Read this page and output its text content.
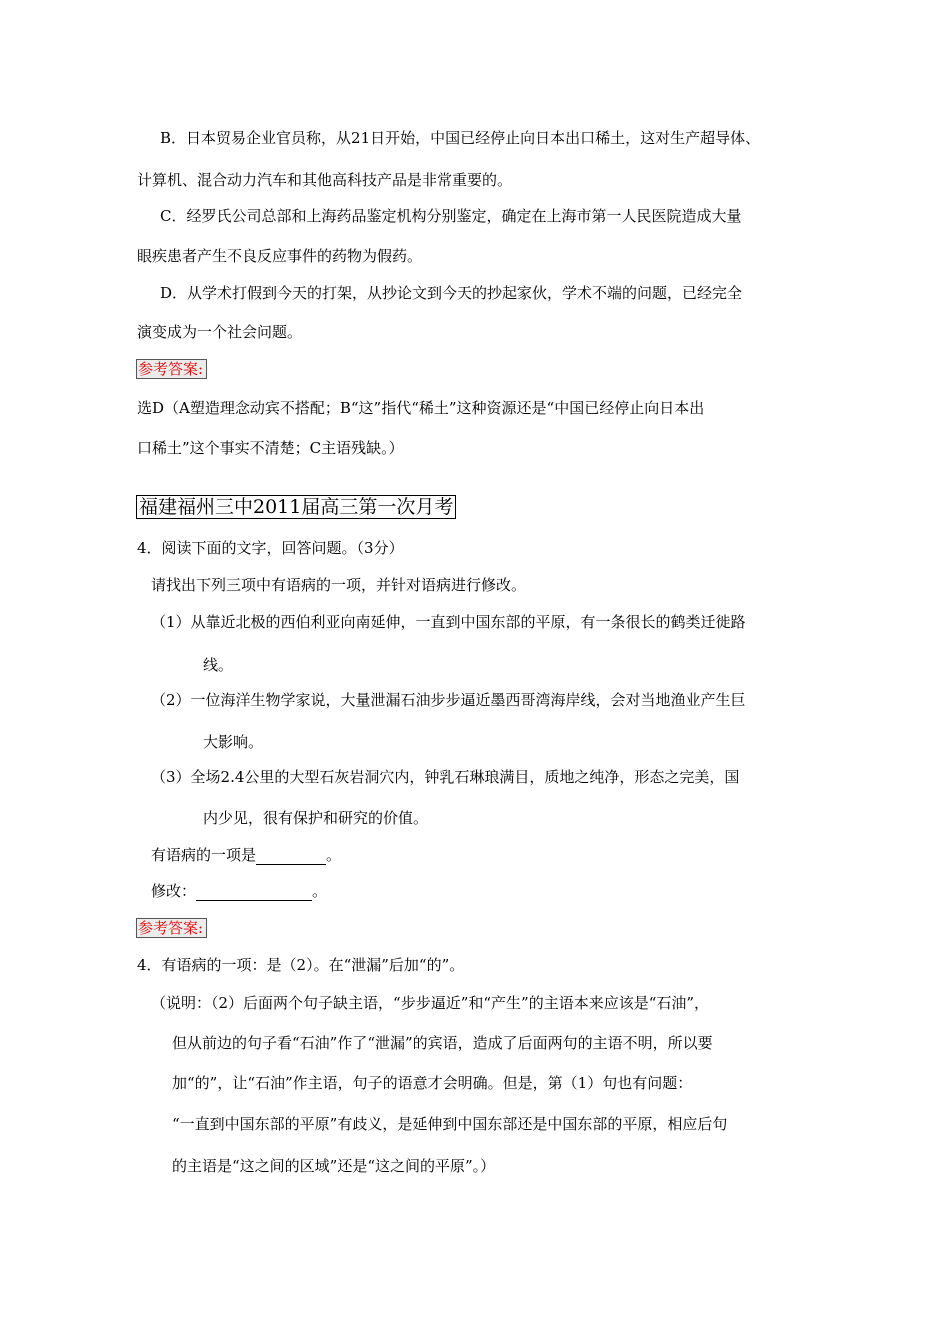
B．日本贸易企业官员称，从21日开始，中国已经停止向日本出口稀土，这对生产超导体、
计算机、混合动力汽车和其他高科技产品是非常重要的。
C．经罗氏公司总部和上海药品鉴定机构分别鉴定，确定在上海市第一人民医院造成大量
眼疾患者产生不良反应事件的药物为假药。
D．从学术打假到今天的打架，从抄论文到今天的抄起家伙，学术不端的问题，已经完全
演变成为一个社会问题。
参考答案:
选D（A塑造理念动宾不搭配；B“这”指代“稀土”这种资源还是“中国已经停止向日本出
口稀土”这个事实不清楚；C主语残缺。）
福建福州三中2011届高三第一次月考
4．阅读下面的文字，回答问题。（3分）
请找出下列三项中有语病的一项，并针对语病进行修改。
（1）从靠近北极的西伯利亚向南延伸，一直到中国东部的平原，有一条很长的鹤类迁徙路
线。
（2）一位海洋生物学家说，大量泄漏石油步步逼近墨西哥湾海岸线，会对当地渔业产生巨
大影响。
（3）全场2.4公里的大型石灰岩洞穴内，钟乳石琳琅满目，质地之纯净，形态之完美，国
内少见，很有保护和研究的价值。
有语病的一项是	。
修改：	。
参考答案:
4．有语病的一项：是（2）。在“泄漏”后加“的”。
（说明：（2）后面两个句子缺主语，“步步逼近”和“产生”的主语本来应该是“石油”，
但从前边的句子看“石油”作了“泄漏”的宾语，造成了后面两句的主语不明，所以要
加“的”，让“石油”作主语，句子的语意才会明确。但是，第（1）句也有问题：
“一直到中国东部的平原”有歧义，是延伸到中国东部还是中国东部的平原，相应后句
的主语是“这之间的区域”还是“这之间的平原”。）
